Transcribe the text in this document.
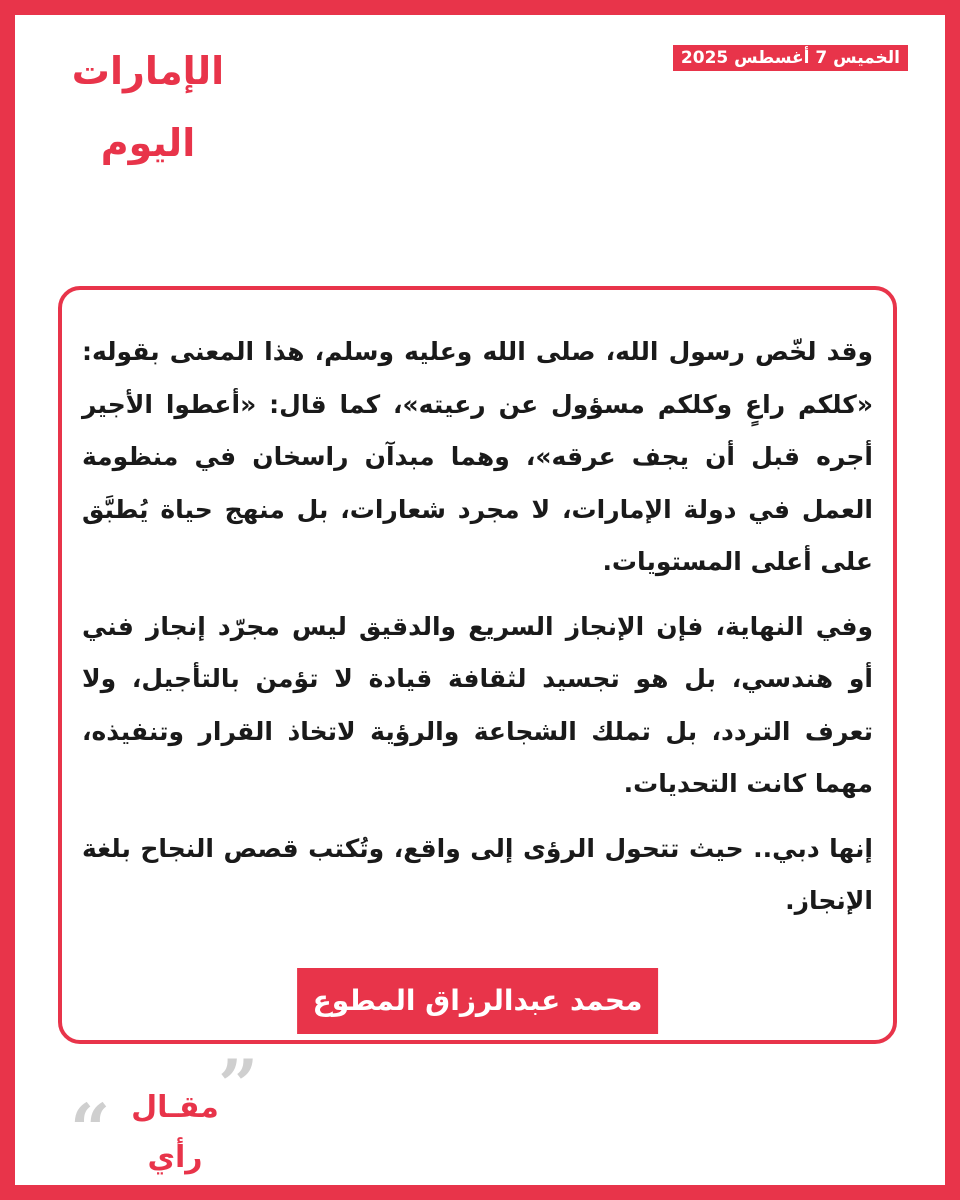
الإمارات اليوم
الخميس 7 أغسطس 2025

وقد لخّص رسول الله، صلى الله وعليه وسلم، هذا المعنى بقوله: «كلكم راعٍ وكلكم مسؤول عن رعيته»، كما قال: «أعطوا الأجير أجره قبل أن يجف عرقه»، وهما مبدآن راسخان في منظومة العمل في دولة الإمارات، لا مجرد شعارات، بل منهج حياة يُطبَّق على أعلى المستويات.

وفي النهاية، فإن الإنجاز السريع والدقيق ليس مجرّد إنجاز فني أو هندسي، بل هو تجسيد لثقافة قيادة لا تؤمن بالتأجيل، ولا تعرف التردد، بل تملك الشجاعة والرؤية لاتخاذ القرار وتنفيذه، مهما كانت التحديات.

إنها دبي.. حيث تتحول الرؤى إلى واقع، وتُكتب قصص النجاح بلغة الإنجاز.

محمد عبدالرزاق المطوع
“
”
مقـال رأي
